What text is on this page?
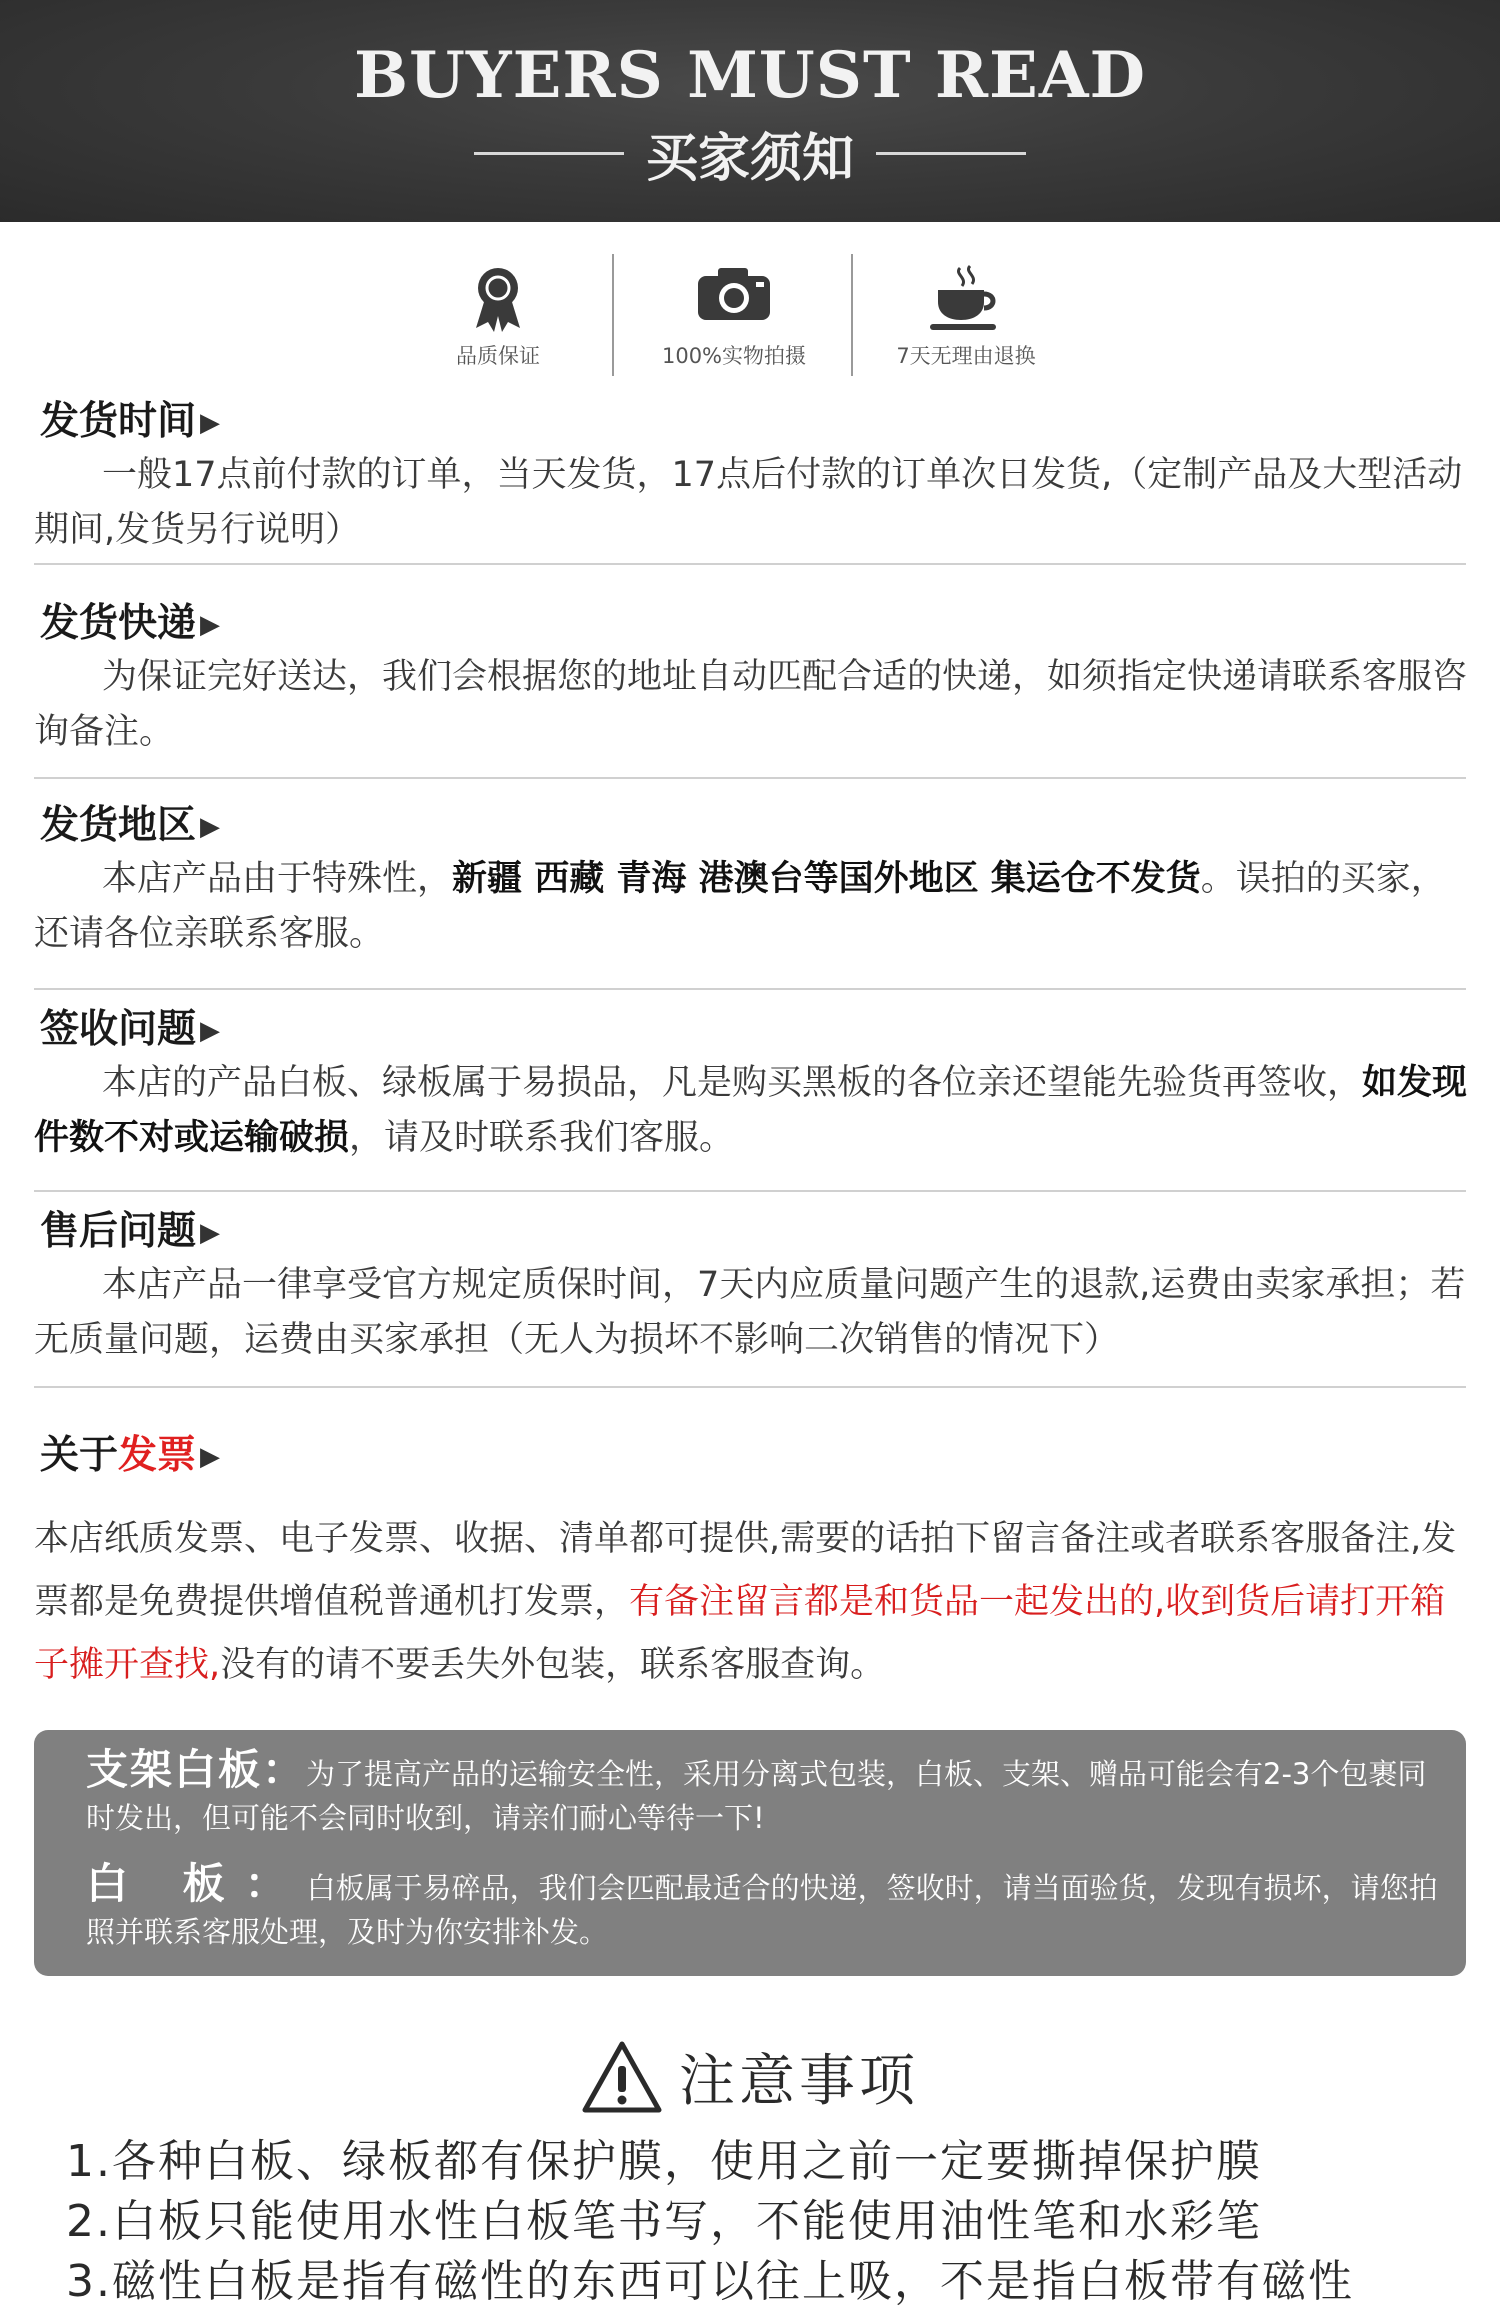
BUYERS MUST READ
买家须知
品质保证	100%实物拍摄	7天无理由退换
发货时间 ▶
一般17点前付款的订单，当天发货，17点后付款的订单次日发货,（定制产品及大型活动期间,发货另行说明）
发货快递 ▶
为保证完好送达，我们会根据您的地址自动匹配合适的快递，如须指定快递请联系客服咨询备注。
发货地区 ▶
本店产品由于特殊性，新疆 西藏 青海 港澳台等国外地区 集运仓不发货。误拍的买家，还请各位亲联系客服。
签收问题 ▶
本店的产品白板、绿板属于易损品，凡是购买黑板的各位亲还望能先验货再签收，如发现件数不对或运输破损，请及时联系我们客服。
售后问题 ▶
本店产品一律享受官方规定质保时间，7天内应质量问题产生的退款,运费由卖家承担；若无质量问题，运费由买家承担（无人为损坏不影响二次销售的情况下）
关于发票 ▶
本店纸质发票、电子发票、收据、清单都可提供,需要的话拍下留言备注或者联系客服备注,发票都是免费提供增值税普通机打发票，有备注留言都是和货品一起发出的,收到货后请打开箱子摊开查找,没有的请不要丢失外包装，联系客服查询。
支架白板：为了提高产品的运输安全性，采用分离式包装，白板、支架、赠品可能会有2-3个包裹同时发出，但可能不会同时收到，请亲们耐心等待一下!
白 板：白板属于易碎品，我们会匹配最适合的快递，签收时，请当面验货，发现有损坏，请您拍照并联系客服处理，及时为你安排补发。
注意事项
1.各种白板、绿板都有保护膜，使用之前一定要撕掉保护膜
2.白板只能使用水性白板笔书写，不能使用油性笔和水彩笔
3.磁性白板是指有磁性的东西可以往上吸，不是指白板带有磁性
